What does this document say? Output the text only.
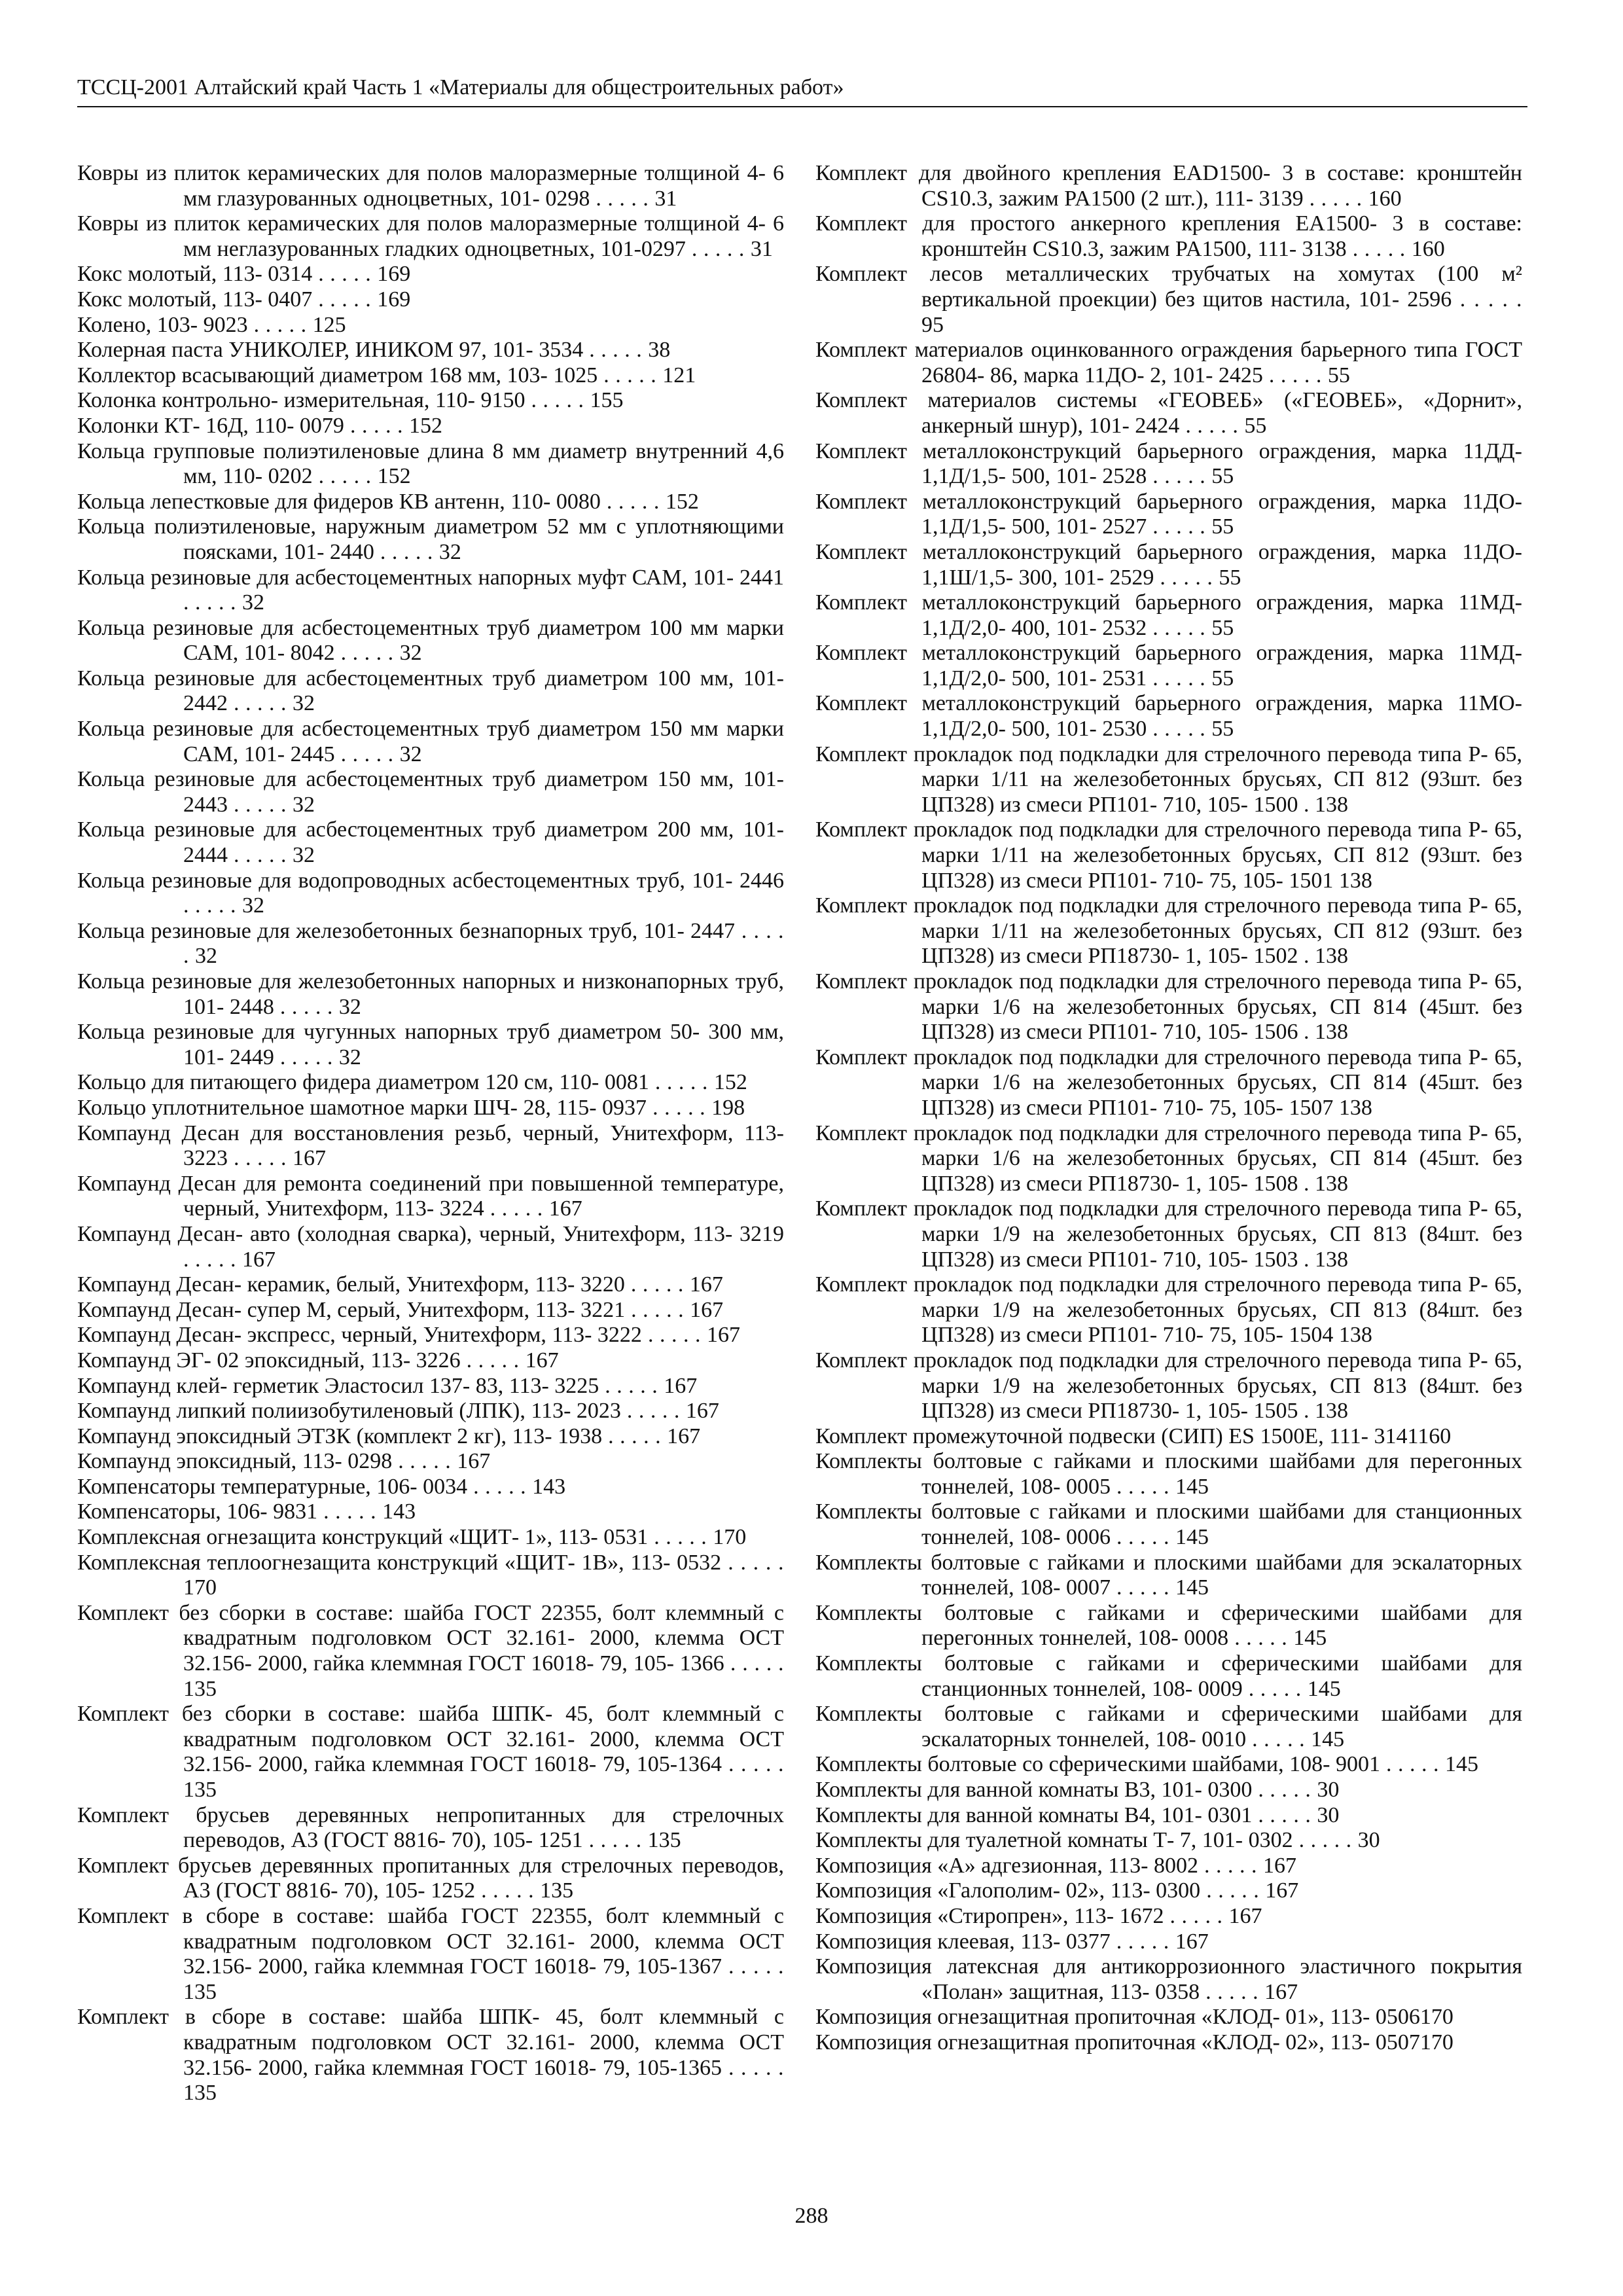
ТССЦ-2001 Алтайский край Часть 1 «Материалы для общестроительных работ»
Ковры из плиток керамических для полов малоразмерные толщиной 4- 6 мм глазурованных одноцветных, 101- 0298 . . . . . 31
Ковры из плиток керамических для полов малоразмерные толщиной 4- 6 мм неглазурованных гладких одноцветных, 101-0297 . . . . . 31
Кокс молотый, 113- 0314 . . . . . 169
Кокс молотый, 113- 0407 . . . . . 169
Колено, 103- 9023 . . . . . 125
Колерная паста УНИКОЛЕР, ИНИКОМ 97, 101- 3534 . . . . . 38
Коллектор всасывающий диаметром 168 мм, 103- 1025 . . . . . 121
Колонка контрольно- измерительная, 110- 9150 . . . . . 155
Колонки КТ- 16Д, 110- 0079 . . . . . 152
Кольца групповые полиэтиленовые длина 8 мм диаметр внутренний 4,6 мм, 110- 0202 . . . . . 152
Кольца лепестковые для фидеров КВ антенн, 110- 0080 . . . . . 152
Кольца полиэтиленовые, наружным диаметром 52 мм с уплотняющими поясками, 101- 2440 . . . . . 32
Кольца резиновые для асбестоцементных напорных муфт САМ, 101- 2441 . . . . . 32
Кольца резиновые для асбестоцементных труб диаметром 100 мм марки САМ, 101- 8042 . . . . . 32
Кольца резиновые для асбестоцементных труб диаметром 100 мм, 101- 2442 . . . . . 32
Кольца резиновые для асбестоцементных труб диаметром 150 мм марки САМ, 101- 2445 . . . . . 32
Кольца резиновые для асбестоцементных труб диаметром 150 мм, 101- 2443 . . . . . 32
Кольца резиновые для асбестоцементных труб диаметром 200 мм, 101- 2444 . . . . . 32
Кольца резиновые для водопроводных асбестоцементных труб, 101- 2446 . . . . . 32
Кольца резиновые для железобетонных безнапорных труб, 101- 2447 . . . . . 32
Кольца резиновые для железобетонных напорных и низконапорных труб, 101- 2448 . . . . . 32
Кольца резиновые для чугунных напорных труб диаметром 50- 300 мм, 101- 2449 . . . . . 32
Кольцо для питающего фидера диаметром 120 см, 110- 0081 . . . . . 152
Кольцо уплотнительное шамотное марки ШЧ- 28, 115- 0937 . . . . . 198
Компаунд Десан для восстановления резьб, черный, Унитехформ, 113- 3223 . . . . . 167
Компаунд Десан для ремонта соединений при повышенной температуре, черный, Унитехформ, 113- 3224 . . . . . 167
Компаунд Десан- авто (холодная сварка), черный, Унитехформ, 113- 3219 . . . . . 167
Компаунд Десан- керамик, белый, Унитехформ, 113- 3220 . . . . . 167
Компаунд Десан- супер М, серый, Унитехформ, 113- 3221 . . . . . 167
Компаунд Десан- экспресс, черный, Унитехформ, 113- 3222 . . . . . 167
Компаунд ЭГ- 02 эпоксидный, 113- 3226 . . . . . 167
Компаунд клей- герметик Эластосил 137- 83, 113- 3225 . . . . . 167
Компаунд липкий полиизобутиленовый (ЛПК), 113- 2023 . . . . . 167
Компаунд эпоксидный ЭТЗК (комплект 2 кг), 113- 1938 . . . . . 167
Компаунд эпоксидный, 113- 0298 . . . . . 167
Компенсаторы температурные, 106- 0034 . . . . . 143
Компенсаторы, 106- 9831 . . . . . 143
Комплексная огнезащита конструкций «ЩИТ- 1», 113- 0531 . . . . . 170
Комплексная теплоогнезащита конструкций «ЩИТ- 1В», 113- 0532 . . . . . 170
Комплект без сборки в составе: шайба ГОСТ 22355, болт клеммный с квадратным подголовком ОСТ 32.161- 2000, клемма ОСТ 32.156- 2000, гайка клеммная ГОСТ 16018- 79, 105- 1366 . . . . . 135
Комплект без сборки в составе: шайба ШПК- 45, болт клеммный с квадратным подголовком ОСТ 32.161- 2000, клемма ОСТ 32.156- 2000, гайка клеммная ГОСТ 16018- 79, 105-1364 . . . . . 135
Комплект брусьев деревянных непропитанных для стрелочных переводов, А3 (ГОСТ 8816- 70), 105- 1251 . . . . . 135
Комплект брусьев деревянных пропитанных для стрелочных переводов, А3 (ГОСТ 8816- 70), 105- 1252 . . . . . 135
Комплект в сборе в составе: шайба ГОСТ 22355, болт клеммный с квадратным подголовком ОСТ 32.161- 2000, клемма ОСТ 32.156- 2000, гайка клеммная ГОСТ 16018- 79, 105-1367 . . . . . 135
Комплект в сборе в составе: шайба ШПК- 45, болт клеммный с квадратным подголовком ОСТ 32.161- 2000, клемма ОСТ 32.156- 2000, гайка клеммная ГОСТ 16018- 79, 105-1365 . . . . . 135
Комплект для двойного крепления EAD1500- 3 в составе: кронштейн CS10.3, зажим PA1500 (2 шт.), 111- 3139 . . . . . 160
Комплект для простого анкерного крепления EA1500- 3 в составе: кронштейн CS10.3, зажим PA1500, 111- 3138 . . . . . 160
Комплект лесов металлических трубчатых на хомутах (100 м² вертикальной проекции) без щитов настила, 101- 2596 . . . . . 95
Комплект материалов оцинкованного ограждения барьерного типа ГОСТ 26804- 86, марка 11ДО- 2, 101- 2425 . . . . . 55
Комплект материалов системы «ГЕОВЕБ» («ГЕОВЕБ», «Дорнит», анкерный шнур), 101- 2424 . . . . . 55
Комплект металлоконструкций барьерного ограждения, марка 11ДД- 1,1Д/1,5- 500, 101- 2528 . . . . . 55
Комплект металлоконструкций барьерного ограждения, марка 11ДО- 1,1Д/1,5- 500, 101- 2527 . . . . . 55
Комплект металлоконструкций барьерного ограждения, марка 11ДО- 1,1Ш/1,5- 300, 101- 2529 . . . . . 55
Комплект металлоконструкций барьерного ограждения, марка 11МД- 1,1Д/2,0- 400, 101- 2532 . . . . . 55
Комплект металлоконструкций барьерного ограждения, марка 11МД- 1,1Д/2,0- 500, 101- 2531 . . . . . 55
Комплект металлоконструкций барьерного ограждения, марка 11МО- 1,1Д/2,0- 500, 101- 2530 . . . . . 55
Комплект прокладок под подкладки для стрелочного перевода типа Р- 65, марки 1/11 на железобетонных брусьях, СП 812 (93шт. без ЦП328) из смеси РП101- 710, 105- 1500 . 138
Комплект прокладок под подкладки для стрелочного перевода типа Р- 65, марки 1/11 на железобетонных брусьях, СП 812 (93шт. без ЦП328) из смеси РП101- 710- 75, 105- 1501 138
Комплект прокладок под подкладки для стрелочного перевода типа Р- 65, марки 1/11 на железобетонных брусьях, СП 812 (93шт. без ЦП328) из смеси РП18730- 1, 105- 1502 . 138
Комплект прокладок под подкладки для стрелочного перевода типа Р- 65, марки 1/6 на железобетонных брусьях, СП 814 (45шт. без ЦП328) из смеси РП101- 710, 105- 1506 . 138
Комплект прокладок под подкладки для стрелочного перевода типа Р- 65, марки 1/6 на железобетонных брусьях, СП 814 (45шт. без ЦП328) из смеси РП101- 710- 75, 105- 1507 138
Комплект прокладок под подкладки для стрелочного перевода типа Р- 65, марки 1/6 на железобетонных брусьях, СП 814 (45шт. без ЦП328) из смеси РП18730- 1, 105- 1508 . 138
Комплект прокладок под подкладки для стрелочного перевода типа Р- 65, марки 1/9 на железобетонных брусьях, СП 813 (84шт. без ЦП328) из смеси РП101- 710, 105- 1503 . 138
Комплект прокладок под подкладки для стрелочного перевода типа Р- 65, марки 1/9 на железобетонных брусьях, СП 813 (84шт. без ЦП328) из смеси РП101- 710- 75, 105- 1504 138
Комплект прокладок под подкладки для стрелочного перевода типа Р- 65, марки 1/9 на железобетонных брусьях, СП 813 (84шт. без ЦП328) из смеси РП18730- 1, 105- 1505 . 138
Комплект промежуточной подвески (СИП) ES 1500E, 111- 3141160
Комплекты болтовые с гайками и плоскими шайбами для перегонных тоннелей, 108- 0005 . . . . . 145
Комплекты болтовые с гайками и плоскими шайбами для станционных тоннелей, 108- 0006 . . . . . 145
Комплекты болтовые с гайками и плоскими шайбами для эскалаторных тоннелей, 108- 0007 . . . . . 145
Комплекты болтовые с гайками и сферическими шайбами для перегонных тоннелей, 108- 0008 . . . . . 145
Комплекты болтовые с гайками и сферическими шайбами для станционных тоннелей, 108- 0009 . . . . . 145
Комплекты болтовые с гайками и сферическими шайбами для эскалаторных тоннелей, 108- 0010 . . . . . 145
Комплекты болтовые со сферическими шайбами, 108- 9001 . . . . . 145
Комплекты для ванной комнаты В3, 101- 0300 . . . . . 30
Комплекты для ванной комнаты В4, 101- 0301 . . . . . 30
Комплекты для туалетной комнаты Т- 7, 101- 0302 . . . . . 30
Композиция «А» адгезионная, 113- 8002 . . . . . 167
Композиция «Галополим- 02», 113- 0300 . . . . . 167
Композиция «Стиропрен», 113- 1672 . . . . . 167
Композиция клеевая, 113- 0377 . . . . . 167
Композиция латексная для антикоррозионного эластичного покрытия «Полан» защитная, 113- 0358 . . . . . 167
Композиция огнезащитная пропиточная «КЛОД- 01», 113- 0506170
Композиция огнезащитная пропиточная «КЛОД- 02», 113- 0507170
288
